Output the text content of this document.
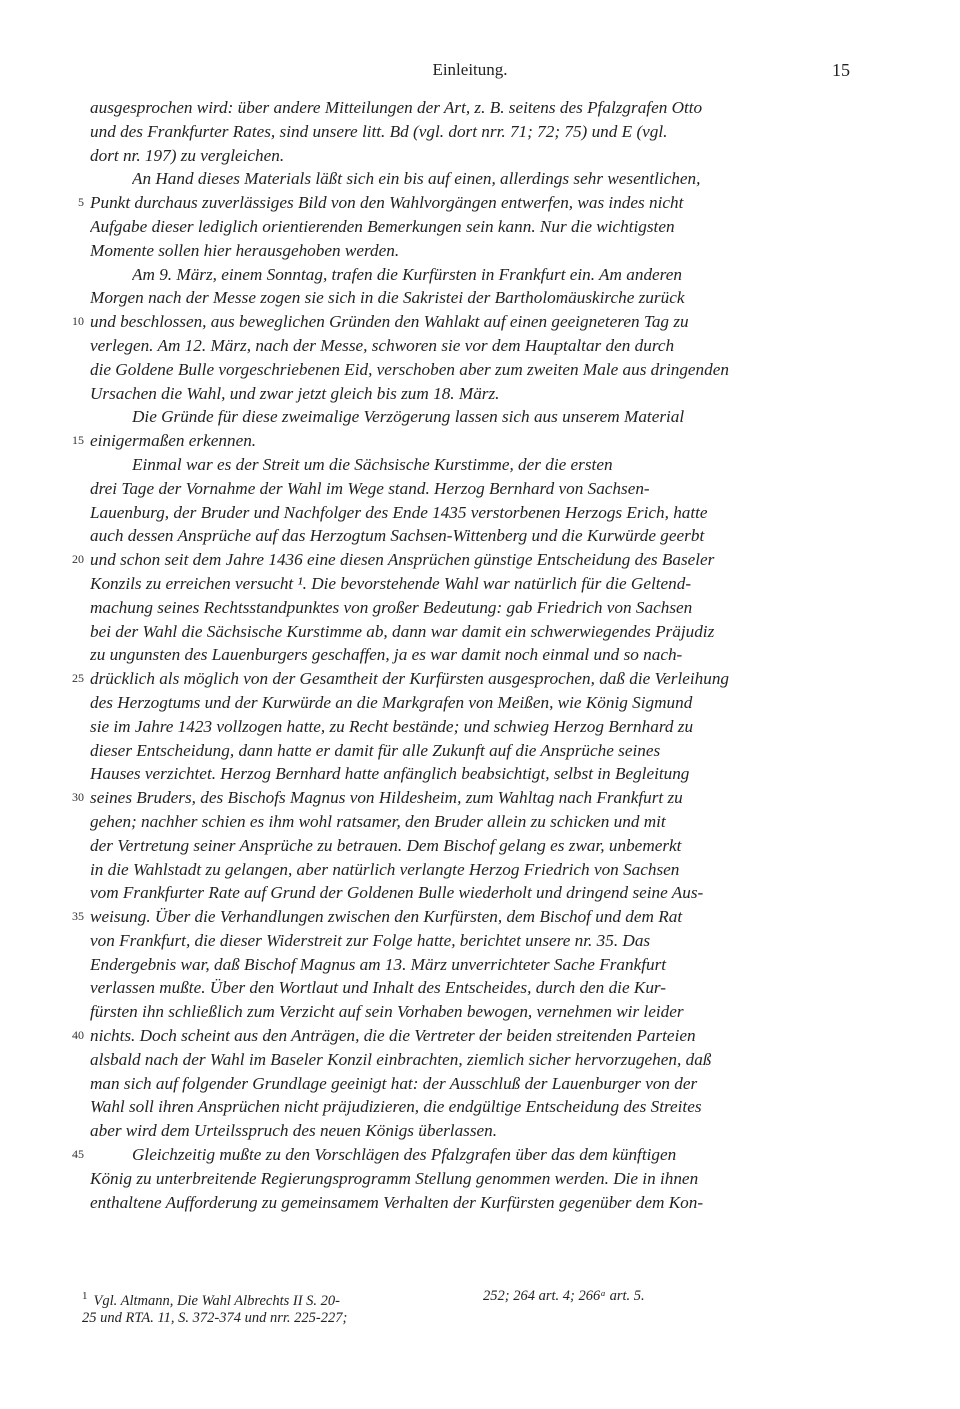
Einleitung.	15
ausgesprochen wird: über andere Mitteilungen der Art, z. B. seitens des Pfalzgrafen Otto
und des Frankfurter Rates, sind unsere litt. Bd (vgl. dort nrr. 71; 72; 75) und E (vgl.
dort nr. 197) zu vergleichen.
An Hand dieses Materials läßt sich ein bis auf einen, allerdings sehr wesentlichen,
5 Punkt durchaus zuverlässiges Bild von den Wahlvorgängen entwerfen, was indes nicht
Aufgabe dieser lediglich orientierenden Bemerkungen sein kann. Nur die wichtigsten
Momente sollen hier herausgehoben werden.
Am 9. März, einem Sonntag, trafen die Kurfürsten in Frankfurt ein. Am anderen
Morgen nach der Messe zogen sie sich in die Sakristei der Bartholomäuskirche zurück
10 und beschlossen, aus beweglichen Gründen den Wahlakt auf einen geeigneteren Tag zu
verlegen. Am 12. März, nach der Messe, schworen sie vor dem Hauptaltar den durch
die Goldene Bulle vorgeschriebenen Eid, verschoben aber zum zweiten Male aus dringenden
Ursachen die Wahl, und zwar jetzt gleich bis zum 18. März.
Die Gründe für diese zweimalige Verzögerung lassen sich aus unserem Material
15 einigermaßen erkennen.
Einmal war es der Streit um die Sächsische Kurstimme, der die ersten
drei Tage der Vornahme der Wahl im Wege stand. Herzog Bernhard von Sachsen-
Lauenburg, der Bruder und Nachfolger des Ende 1435 verstorbenen Herzogs Erich, hatte
auch dessen Ansprüche auf das Herzogtum Sachsen-Wittenberg und die Kurwürde geerbt
20 und schon seit dem Jahre 1436 eine diesen Ansprüchen günstige Entscheidung des Baseler
Konzils zu erreichen versucht ¹. Die bevorstehende Wahl war natürlich für die Geltend-
machung seines Rechtsstandpunktes von großer Bedeutung: gab Friedrich von Sachsen
bei der Wahl die Sächsische Kurstimme ab, dann war damit ein schwerwiegendes Präjudiz
zu ungunsten des Lauenburgers geschaffen, ja es war damit noch einmal und so nach-
25 drücklich als möglich von der Gesamtheit der Kurfürsten ausgesprochen, daß die Verleihung
des Herzogtums und der Kurwürde an die Markgrafen von Meißen, wie König Sigmund
sie im Jahre 1423 vollzogen hatte, zu Recht bestände; und schwieg Herzog Bernhard zu
dieser Entscheidung, dann hatte er damit für alle Zukunft auf die Ansprüche seines
Hauses verzichtet. Herzog Bernhard hatte anfänglich beabsichtigt, selbst in Begleitung
30 seines Bruders, des Bischofs Magnus von Hildesheim, zum Wahltag nach Frankfurt zu
gehen; nachher schien es ihm wohl ratsamer, den Bruder allein zu schicken und mit
der Vertretung seiner Ansprüche zu betrauen. Dem Bischof gelang es zwar, unbemerkt
in die Wahlstadt zu gelangen, aber natürlich verlangte Herzog Friedrich von Sachsen
vom Frankfurter Rate auf Grund der Goldenen Bulle wiederholt und dringend seine Aus-
35 weisung. Über die Verhandlungen zwischen den Kurfürsten, dem Bischof und dem Rat
von Frankfurt, die dieser Widerstreit zur Folge hatte, berichtet unsere nr. 35. Das
Endergebnis war, daß Bischof Magnus am 13. März unverrichteter Sache Frankfurt
verlassen mußte. Über den Wortlaut und Inhalt des Entscheides, durch den die Kur-
fürsten ihn schließlich zum Verzicht auf sein Vorhaben bewogen, vernehmen wir leider
40 nichts. Doch scheint aus den Anträgen, die die Vertreter der beiden streitenden Parteien
alsbald nach der Wahl im Baseler Konzil einbrachten, ziemlich sicher hervorzugehen, daß
man sich auf folgender Grundlage geeinigt hat: der Ausschluß der Lauenburger von der
Wahl soll ihren Ansprüchen nicht präjudizieren, die endgültige Entscheidung des Streites
aber wird dem Urteilsspruch des neuen Königs überlassen.
45	Gleichzeitig mußte zu den Vorschlägen des Pfalzgrafen über das dem künftigen
König zu unterbreitende Regierungsprogramm Stellung genommen werden. Die in ihnen
enthaltene Aufforderung zu gemeinsamem Verhalten der Kurfürsten gegenüber dem Kon-
$^1$ Vgl. Altmann, Die Wahl Albrechts II S. 20-
25 und RTA. 11, S. 372-374 und nrr. 225-227;
252; 264 art. 4; 266ᵃ art. 5.
